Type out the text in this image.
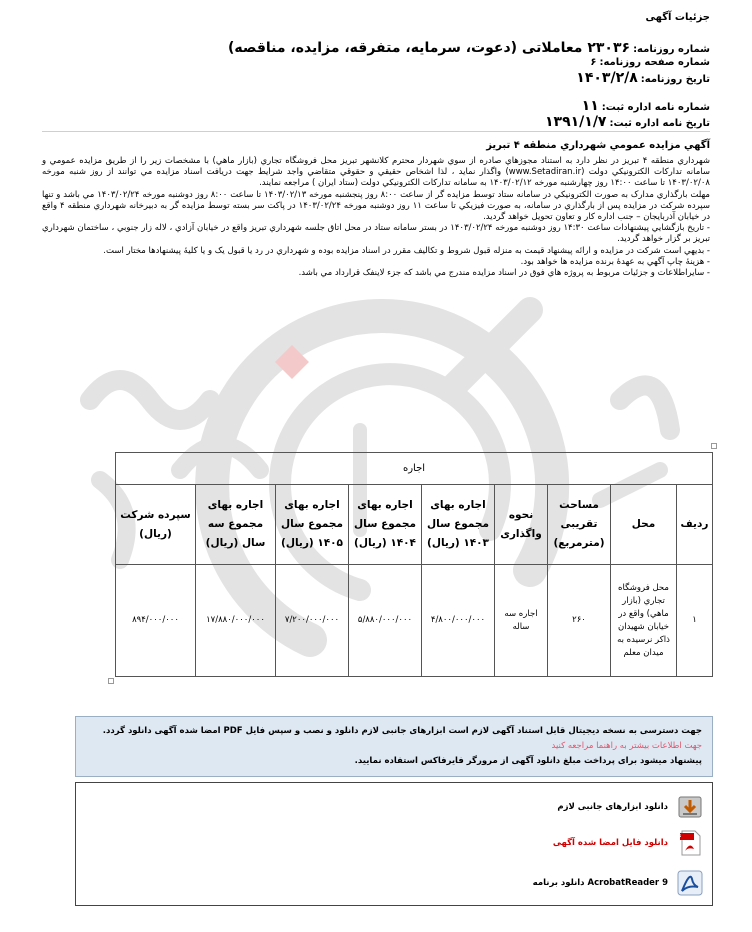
جزئیات آگهی
شماره روزنامه:۲۳۰۳۶ معاملاتی (دعوت، سرمایه، متفرقه، مزایده، مناقصه)
شماره صفحه روزنامه:۶
تاریخ روزنامه:۱۴۰۳/۲/۸
شماره نامه اداره ثبت:۱۱
تاریخ نامه اداره ثبت:۱۳۹۱/۱/۷
آگهي مزايده عمومي شهرداري منطقه ۴ تبريز

شهرداري منطقه ۴ تبريز در نظر دارد به استناد مجوزهاي صادره از سوي شهردار محترم کلانشهر تبريز محل فروشگاه تجاري (بازار ماهي) با مشخصات زير را از طريق مزايده عمومي و سامانه تدارکات الکترونيکي دولت (www.Setadiran.ir) واگذار نمايد ، لذا اشخاص حقيقي و حقوقي متقاضي واجد شرايط جهت دريافت اسناد مزايده مي توانند از روز شنبه مورخه ۱۴۰۳/۰۲/۰۸ تا ساعت ۱۴:۰۰ روز چهارشنبه مورخه ۱۴۰۳/۰۲/۱۲ به سامانه تدارکات الکترونيکي دولت (ستاد ايران ) مراجعه نمايند.

مهلت بارگذاري مدارک به صورت الکترونيکي در سامانه ستاد توسط مزايده گر از ساعت ۸:۰۰ روز پنجشنبه مورخه ۱۴۰۳/۰۲/۱۳ تا ساعت ۸:۰۰ روز دوشنبه مورخه ۱۴۰۳/۰۲/۲۴ مي باشد و تنها سپرده شرکت در مزايده پس از بارگذاري در سامانه، به صورت فيزيکي تا ساعت ۱۱ روز دوشنبه مورخه ۱۴۰۳/۰۲/۲۴ در پاکت سر بسته توسط مزايده گر به دبيرخانه شهرداري منطقه ۴ واقع در خيابان آذربايجان – جنب اداره کار و تعاون تحويل خواهد گرديد.

- تاريخ بازگشايي پيشنهادات ساعت ۱۴:۳۰ روز دوشنبه مورخه ۱۴۰۳/۰۲/۲۴ در بستر سامانه ستاد در محل اتاق جلسه شهرداري تبريز واقع در خيابان آزادي ، لاله زار جنوبي ، ساختمان شهرداري تبريز بر گزار خواهد گرديد.

- بديهي است شرکت در مزايده و ارائه پيشنهاد قيمت به منزله قبول شروط و تکاليف مقرر در اسناد مزايده بوده و شهرداري در رد يا قبول يک و يا کليۀ پيشنهادها مختار است.

- هزينۀ چاپ آگهي به عهدۀ برنده مزايده ها خواهد بود.

- سايراطلاعات و جزئيات مربوط به پروژه هاي فوق در اسناد مزايده مندرج مي باشد که جزء لاينفک قرارداد مي باشد.

اجاره								
رديف	محل	مساحت تقريبی (مترمربع)	نحوه واگذاری	اجاره بهای مجموع سال ۱۴۰۳ (ريال)	اجاره بهای مجموع سال ۱۴۰۴ (ريال)	اجاره بهای مجموع سال ۱۴۰۵ (ريال)	اجاره بهای مجموع سه سال (ريال)	سپرده شرکت (ريال)
۱	محل فروشگاه تجاري (بازار ماهي) واقع در خيابان شهيدان ذاکر نرسيده به ميدان معلم	۲۶۰	اجاره سه ساله	۴/۸۰۰/۰۰۰/۰۰۰	۵/۸۸۰/۰۰۰/۰۰۰	۷/۲۰۰/۰۰۰/۰۰۰	۱۷/۸۸۰/۰۰۰/۰۰۰	۸۹۴/۰۰۰/۰۰۰
جهت دسترسی به نسخه دیجیتال قابل استناد آگهی لازم است ابزارهای جانبی لازم دانلود و نصب و سپس فایل PDF امضا شده آگهی دانلود گردد.
جهت اطلاعات بیشتر به راهنما مراجعه کنید
پیشنهاد میشود برای پرداخت مبلغ دانلود آگهی از مرورگر فایرفاکس استفاده نمایید.
دانلود ابزارهای جانبی لازم
PDF
دانلود فایل امضا شده آگهی
دانلود برنامه AcrobatReader 9
